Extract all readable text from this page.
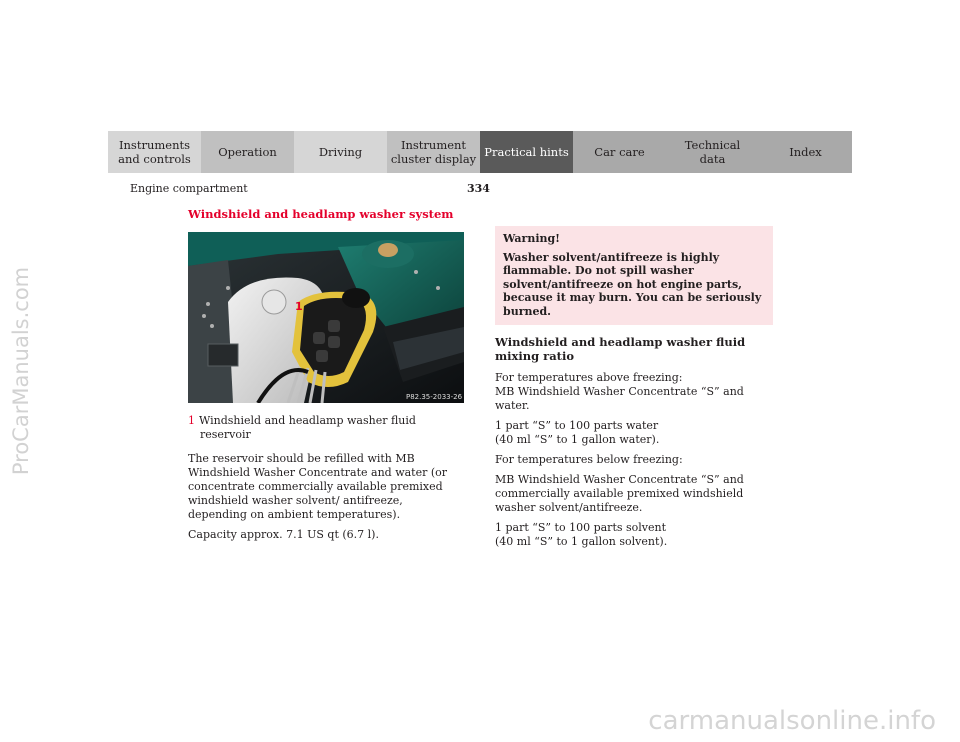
ProCarManuals.com
Instruments
and controls Operation	Driving	Instrument
cluster display Practical hints Car care	Technical
data	Index
Engine compartment	334
Windshield and headlamp washer system
1
P82.35-2033-26
1 Windshield and headlamp washer fluid reservoir

The reservoir should be refilled with MB Windshield Washer Concentrate and water (or concentrate commercially available premixed windshield washer solvent/ antifreeze, depending on ambient temperatures).

Capacity approx. 7.1 US qt (6.7 l).

Warning!
Washer solvent/antifreeze is highly flammable. Do not spill washer solvent/antifreeze on hot engine parts, because it may burn. You can be seriously burned.
Windshield and headlamp washer fluid mixing ratio

For temperatures above freezing:
MB Windshield Washer Concentrate “S” and water.

1 part “S” to 100 parts water
(40 ml “S” to 1 gallon water).

For temperatures below freezing:

MB Windshield Washer Concentrate “S” and commercially available premixed windshield washer solvent/antifreeze.

1 part “S” to 100 parts solvent
(40 ml “S” to 1 gallon solvent).

carmanualsonline.info
